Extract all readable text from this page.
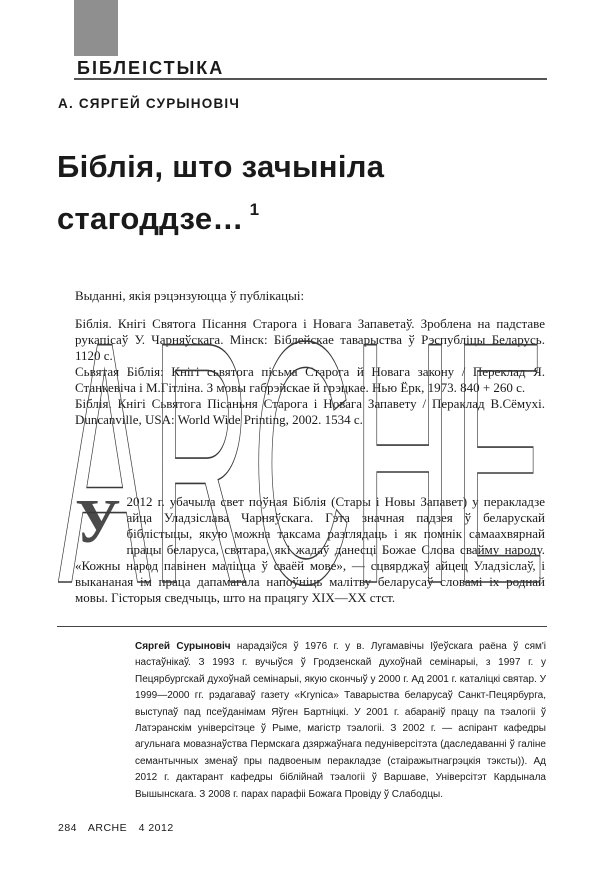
БІБЛЕІСТЫКА
А. СЯРГЕЙ СУРЫНОВІЧ
Біблія, што зачыніла
стагоддзе… $^1$

Выданні, якія рэцэнзуюцца ў публікацыі:

Біблія. Кнігі Святога Пісання Старога і Новага Запаветаў. Зроблена на падставе рукапісаў У. Чарняўскага. Мінск: Біблейскае таварыства ў Рэспубліцы Беларусь. 1120 с.

Сьвятая Біблія: Кнігі сьвятога пісьма Старога й Новага закону / Переклад Я. Станкевіча і М.Гітліна. З мовы габрэйскае й грэцкае. Нью Ёрк, 1973. 840 + 260 с.

Біблія. Кнігі Сьвятога Пісаньня Старога і Новага Запавету / Пераклад В.Сёмухі. Duncanville, USA: World Wide Printing, 2002. 1534 с.

У 2012 г. убачыла свет поўная Біблія (Стары і Новы Запавет) у перакладзе айца Уладзіслава Чарняўскага. Гэта значная падзея ў беларускай біблістыцы, якую можна таксама разглядаць і як помнік самаахвярнай працы беларуса, святара, які жадаў данесці Божае Слова свайму народу. «Кожны народ павінен маліцца ў сваёй мове», — сцвярджаў айцец Уладзіслаў, і выкананая ім праца дапамагала напоўніць малітву беларусаў словамі іх роднай мовы. Гісторыя сведчыць, што на працягу XIX—XX стст.

ARCHE
Сяргей Сурыновіч нарадзіўся ў 1976 г. у в. Лугамавічы Іўеўскага раёна ў сям'і настаўнікаў. З 1993 г. вучыўся ў Гродзенскай духоўнай семінарыі, з 1997 г. у Пецярбургскай духоўнай семінарыі, якую скончыў у 2000 г. Ад 2001 г. каталіцкі святар. У 1999—2000 гг. рэдагаваў газету «Krynica» Таварыства беларусаў Санкт-Пецярбурга, выступаў пад псеўданімам Яўген Бартніцкі. У 2001 г. абараніў працу па тэалогіі ў Латэранскім універсітэце ў Рыме, магістр тэалогіі. З 2002 г. — аспірант кафедры агульнага мовазнаўства Пермскага дзяржаўнага педуніверсітэта (даследаванні ў галіне семантычных зменаў пры падвоеным перакладзе (стаіражытнагрэцкія тэксты)). Ад 2012 г. дактарант кафедры біблійнай тэалогіі ў Варшаве, Універсітэт Кардынала Вышынскага. З 2008 г. парах парафіі Божага Провіду ў Слабодцы.
284 ARCHE 4 2012
